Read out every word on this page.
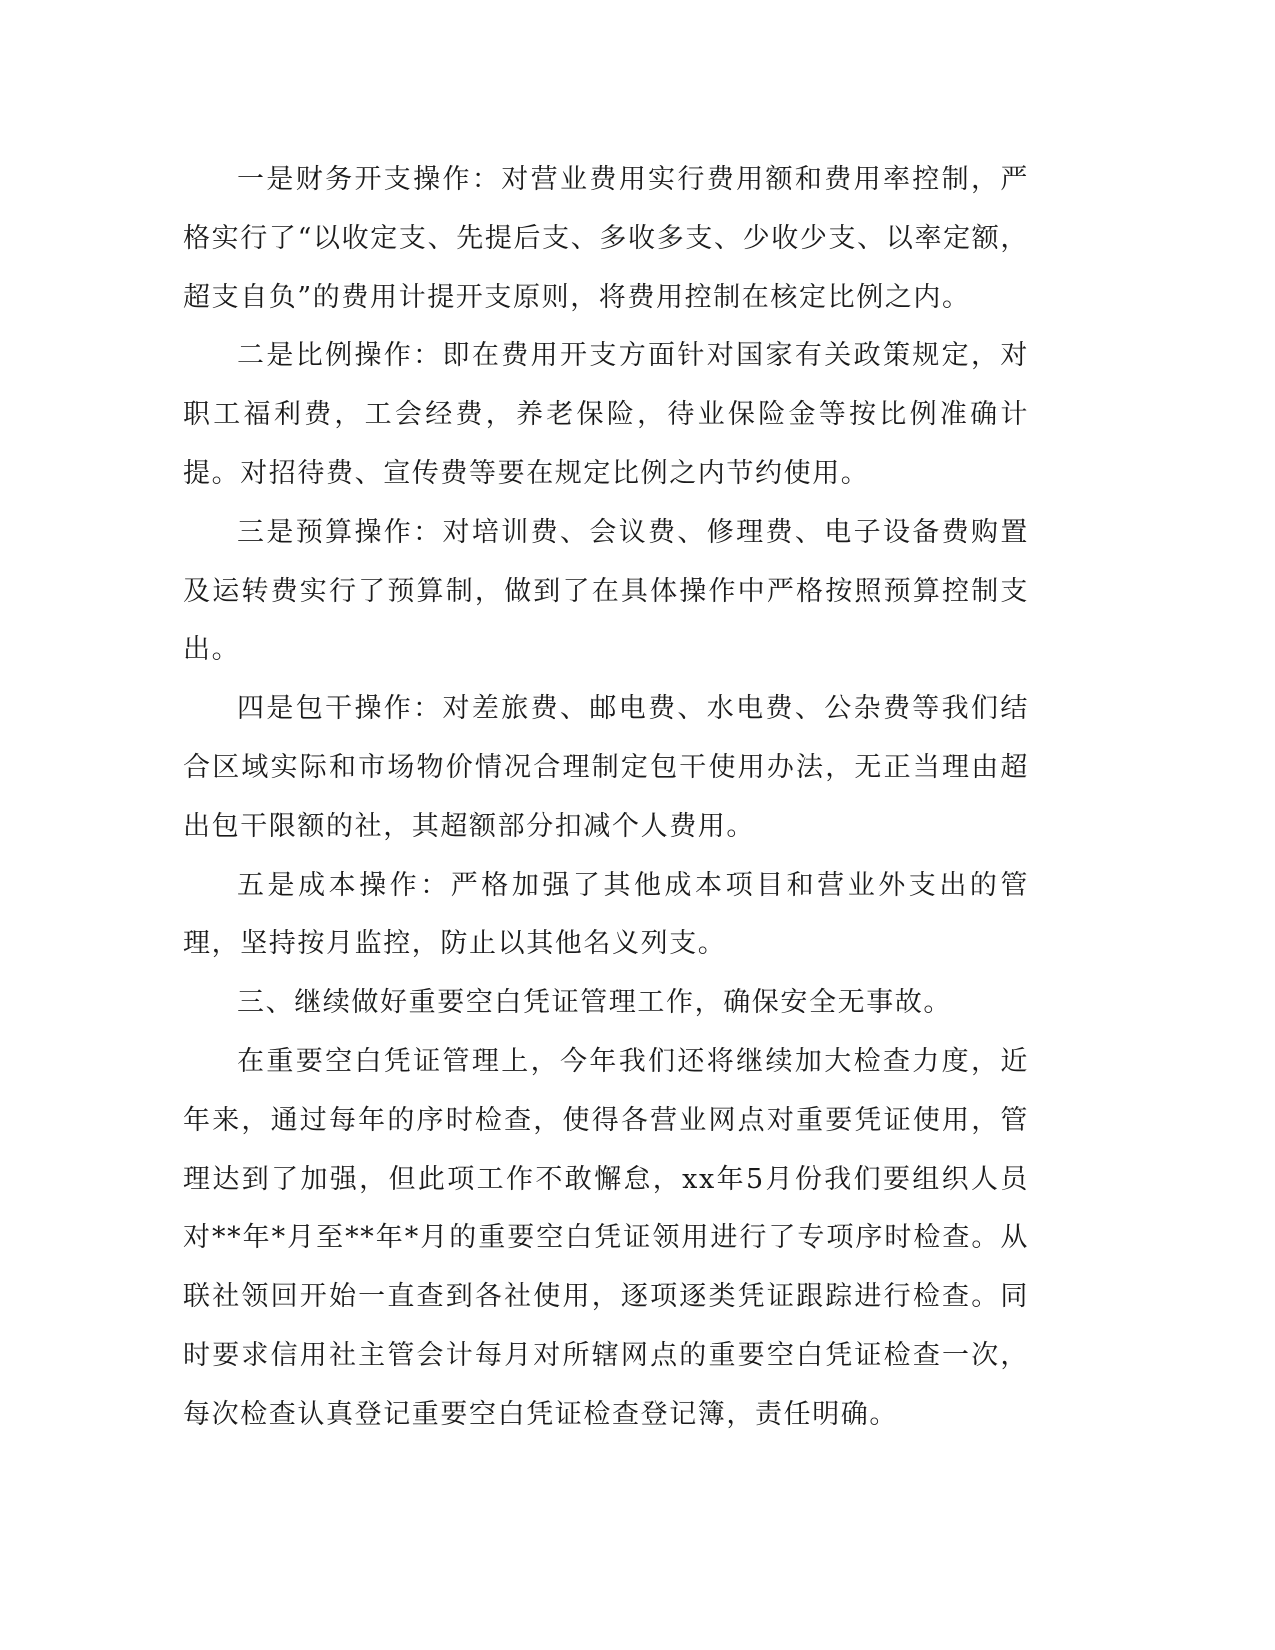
一是财务开支操作：对营业费用实行费用额和费用率控制，严格实行了“以收定支、先提后支、多收多支、少收少支、以率定额，超支自负”的费用计提开支原则，将费用控制在核定比例之内。

二是比例操作：即在费用开支方面针对国家有关政策规定，对职工福利费，工会经费，养老保险，待业保险金等按比例准确计提。对招待费、宣传费等要在规定比例之内节约使用。

三是预算操作：对培训费、会议费、修理费、电子设备费购置及运转费实行了预算制，做到了在具体操作中严格按照预算控制支出。

四是包干操作：对差旅费、邮电费、水电费、公杂费等我们结合区域实际和市场物价情况合理制定包干使用办法，无正当理由超出包干限额的社，其超额部分扣减个人费用。

五是成本操作：严格加强了其他成本项目和营业外支出的管理，坚持按月监控，防止以其他名义列支。

三、继续做好重要空白凭证管理工作，确保安全无事故。

在重要空白凭证管理上，今年我们还将继续加大检查力度，近年来，通过每年的序时检查，使得各营业网点对重要凭证使用，管理达到了加强，但此项工作不敢懈怠，xx年5月份我们要组织人员对**年*月至**年*月的重要空白凭证领用进行了专项序时检查。从联社领回开始一直查到各社使用，逐项逐类凭证跟踪进行检查。同时要求信用社主管会计每月对所辖网点的重要空白凭证检查一次，每次检查认真登记重要空白凭证检查登记簿，责任明确。
